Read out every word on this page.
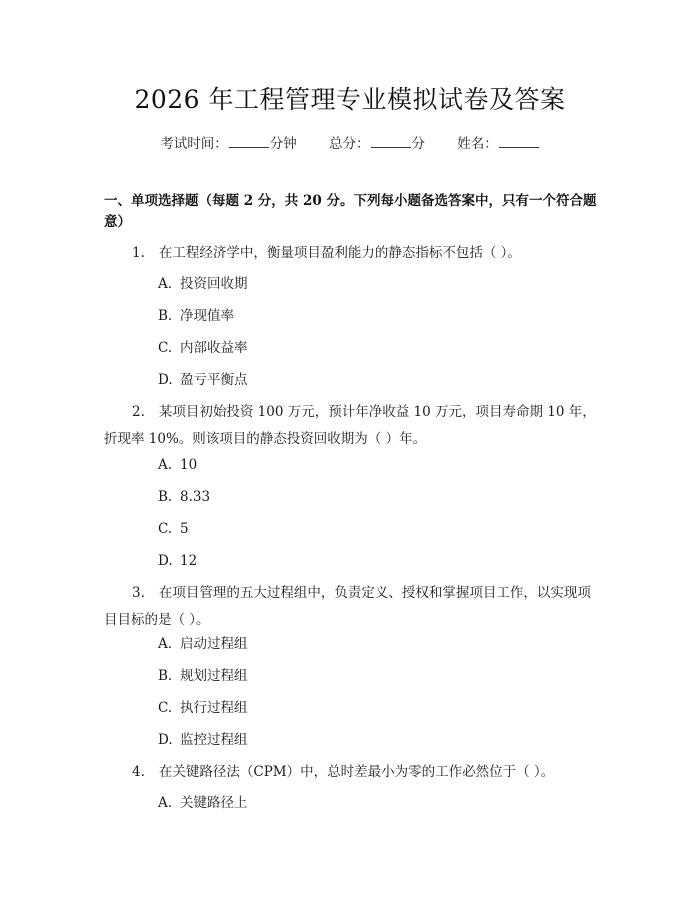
2026 年工程管理专业模拟试卷及答案
考试时间：	分钟 总分：	分 姓名：
一、单项选择题（每题 2 分，共 20 分。下列每小题备选答案中，只有一个符合题意）
1. 在工程经济学中，衡量项目盈利能力的静态指标不包括（ ）。
A. 投资回收期
B. 净现值率
C. 内部收益率
D. 盈亏平衡点
2. 某项目初始投资 100 万元，预计年净收益 10 万元，项目寿命期 10 年，折现率 10%。则该项目的静态投资回收期为（ ）年。
A. 10
B. 8.33
C. 5
D. 12
3. 在项目管理的五大过程组中，负责定义、授权和掌握项目工作，以实现项目目标的是（ ）。
A. 启动过程组
B. 规划过程组
C. 执行过程组
D. 监控过程组
4. 在关键路径法（CPM）中，总时差最小为零的工作必然位于（ ）。
A. 关键路径上
